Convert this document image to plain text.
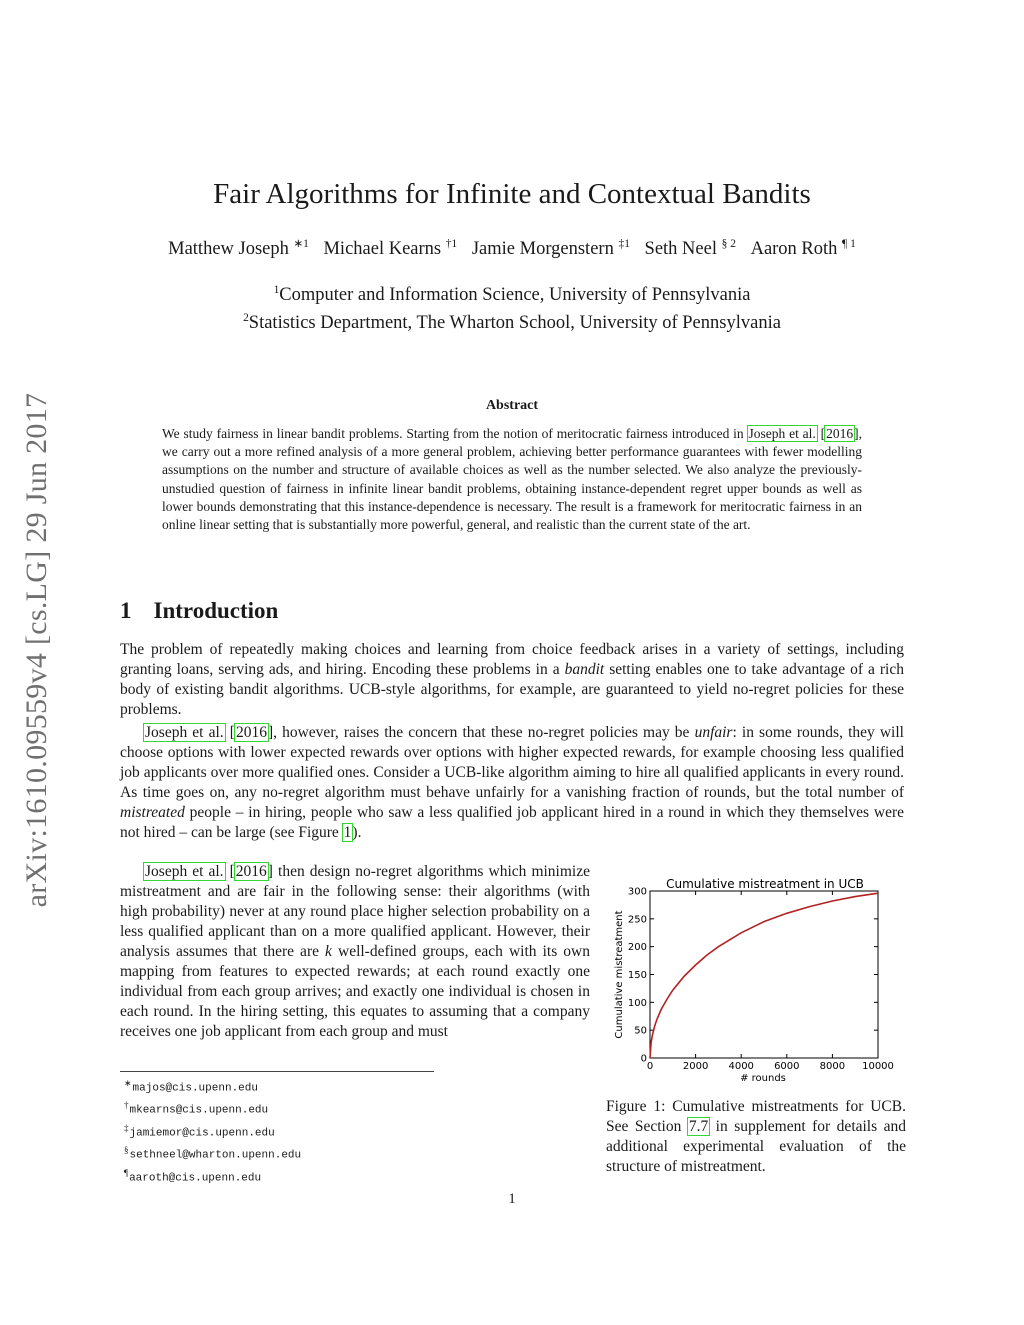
arXiv:1610.09559v4 [cs.LG] 29 Jun 2017
Fair Algorithms for Infinite and Contextual Bandits
Matthew Joseph $^{∗1}$ Michael Kearns $^{\dagger 1}$ Jamie Morgenstern $^{\ddagger 1}$ Seth Neel $^{\S 2}$ Aaron Roth $^{\P 1}$
$^1$Computer and Information Science, University of Pennsylvania
$^2$Statistics Department, The Wharton School, University of Pennsylvania
Abstract
We study fairness in linear bandit problems. Starting from the notion of meritocratic fairness introduced in Joseph et al. [2016], we carry out a more refined analysis of a more general problem, achieving better performance guarantees with fewer modelling assumptions on the number and structure of available choices as well as the number selected. We also analyze the previously-unstudied question of fairness in infinite linear bandit problems, obtaining instance-dependent regret upper bounds as well as lower bounds demonstrating that this instance-dependence is necessary. The result is a framework for meritocratic fairness in an online linear setting that is substantially more powerful, general, and realistic than the current state of the art.
1 Introduction
The problem of repeatedly making choices and learning from choice feedback arises in a variety of settings, including granting loans, serving ads, and hiring. Encoding these problems in a bandit setting enables one to take advantage of a rich body of existing bandit algorithms. UCB-style algorithms, for example, are guaranteed to yield no-regret policies for these problems.
Joseph et al. [2016], however, raises the concern that these no-regret policies may be unfair: in some rounds, they will choose options with lower expected rewards over options with higher expected rewards, for example choosing less qualified job applicants over more qualified ones. Consider a UCB-like algorithm aiming to hire all qualified applicants in every round. As time goes on, any no-regret algorithm must behave unfairly for a vanishing fraction of rounds, but the total number of mistreated people – in hiring, people who saw a less qualified job applicant hired in a round in which they themselves were not hired – can be large (see Figure 1).
Joseph et al. [2016] then design no-regret algorithms which minimize mistreatment and are fair in the following sense: their algorithms (with high probability) never at any round place higher selection probability on a less qualified applicant than on a more qualified applicant. However, their analysis assumes that there are k well-defined groups, each with its own mapping from features to expected rewards; at each round exactly one individual from each group arrives; and exactly one individual is chosen in each round. In the hiring setting, this equates to assuming that a company receives one job applicant from each group and must
∗majos@cis.upenn.edu
†mkearns@cis.upenn.edu
‡jamiemor@cis.upenn.edu
§sethneel@wharton.upenn.edu
¶aaroth@cis.upenn.edu
Cumulative mistreatment in UCB
Cumulative mistreatment
# rounds
0	2000 4000 6000 8000 10000
0
50
100
150
200
250
300
Figure 1: Cumulative mistreatments for UCB. See Section 7.7 in supplement for details and additional experimental evaluation of the structure of mistreatment.
1
